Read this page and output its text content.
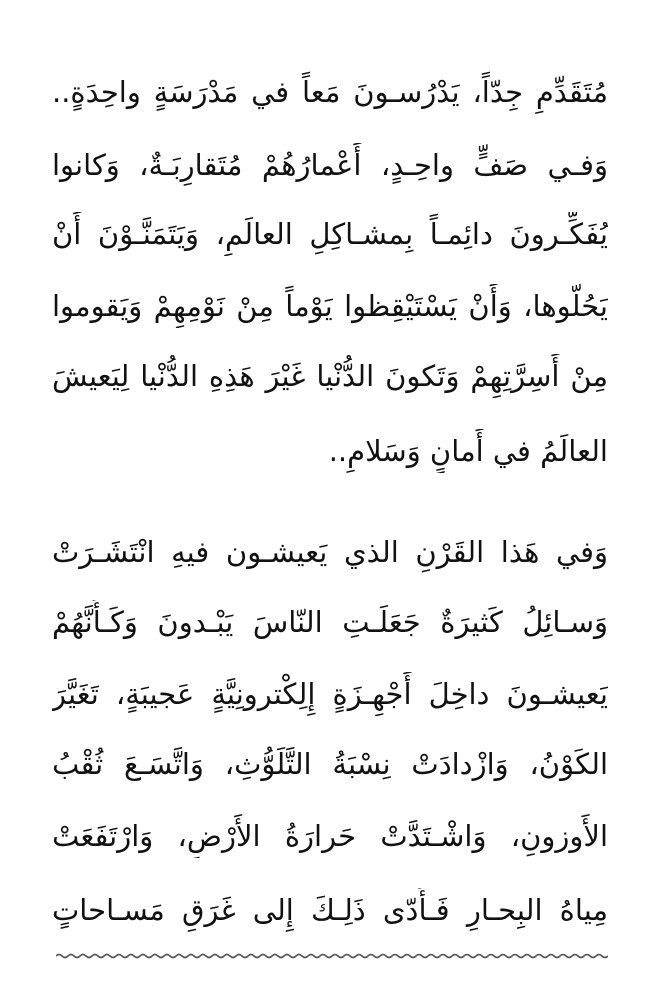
مُتَقَدِّمٍ جِدّاً، يَدْرُسـونَ مَعاً في مَدْرَسَةٍ واحِدَةٍ..
وَفـي صَفٍّ واحِـدٍ، أَعْمارُهُمْ مُتَقارِبَـةٌ، وَكانوا
يُفَكِّـرونَ دائِمـاً بِمشـاكِلِ العالَمِ، وَيَتَمَنَّـوْنَ أَنْ
يَحُلُّوها، وَأَنْ يَسْتَيْقِظوا يَوْماً مِنْ نَوْمِهِمْ وَيَقوموا
مِنْ أَسِرَّتِهِمْ وَتَكونَ الدُّنْيا غَيْرَ هَذِهِ الدُّنْيا لِيَعيشَ
العالَمُ في أَمانٍ وَسَلامٍ..
وَفي هَذا القَرْنِ الذي يَعيشـون فيهِ انْتَشَـرَتْ
وَسـائِلُ كَثيرَةٌ جَعَلَـتِ النّاسَ يَبْـدونَ وَكَـأَنَّهُمْ
يَعيشـونَ داخِلَ أَجْهِـزَةٍ إِلِكْترونِيَّةٍ عَجيبَةٍ، تَغَيَّرَ
الكَوْنُ، وَازْدادَتْ نِسْبَةُ التَّلَوُّثِ، وَاتَّسَـعَ ثُقْبُ
الأَوزونِ، وَاشْـتَدَّتْ حَرارَةُ الأَرْضِ، وَارْتَفَعَتْ
مِياهُ البِحـارِ فَـأَدّى ذَلِـكَ إِلى غَرَقِ مَسـاحاتٍ
